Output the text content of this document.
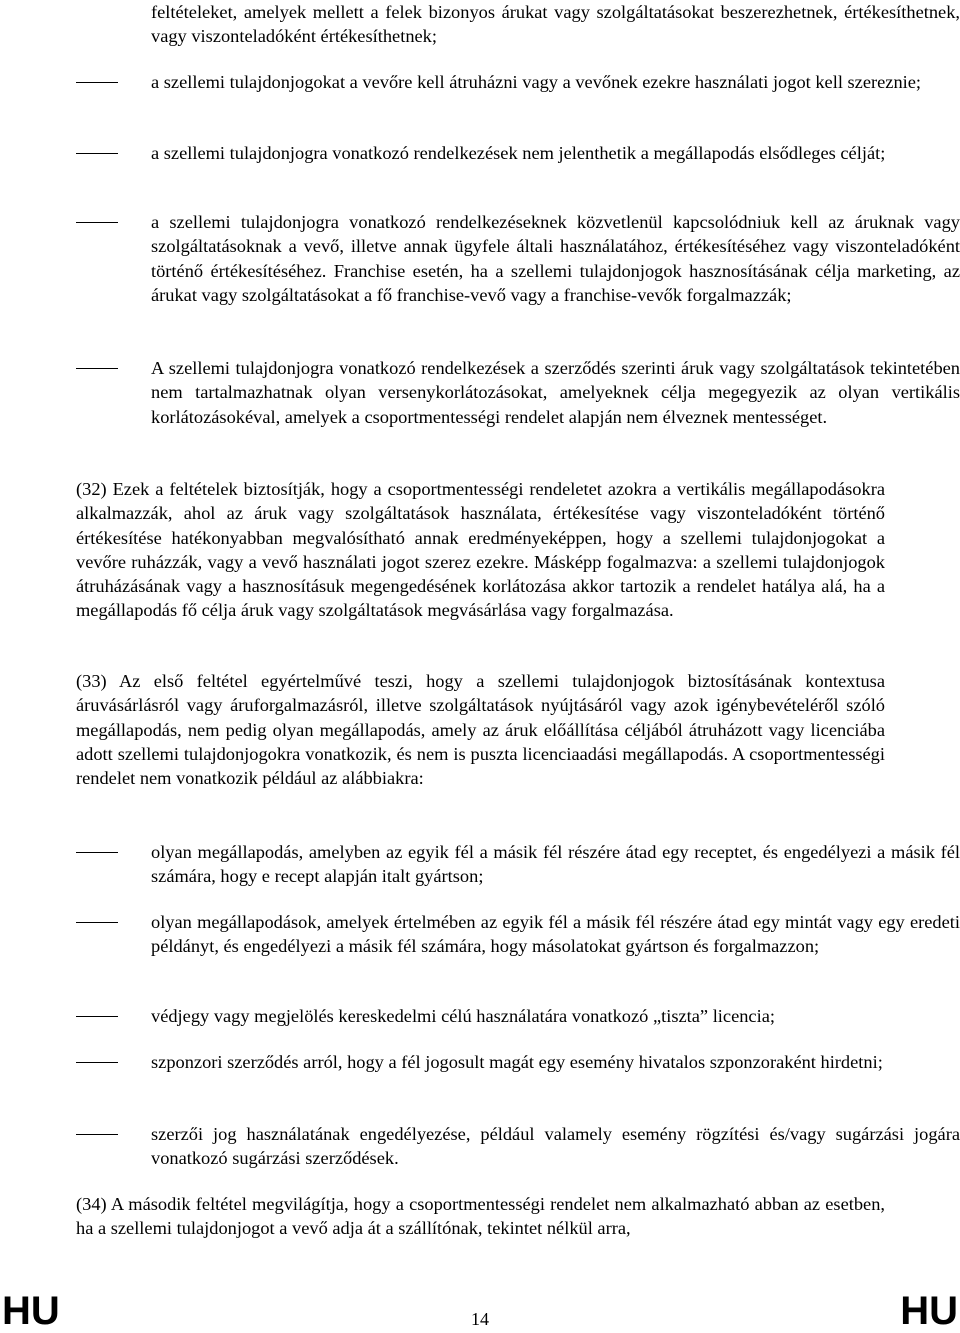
feltételeket, amelyek mellett a felek bizonyos árukat vagy szolgáltatásokat beszerezhetnek, értékesíthetnek, vagy viszonteladóként értékesíthetnek;

a szellemi tulajdonjogokat a vevőre kell átruházni vagy a vevőnek ezekre használati jogot kell szereznie;

a szellemi tulajdonjogra vonatkozó rendelkezések nem jelenthetik a megállapodás elsődleges célját;

a szellemi tulajdonjogra vonatkozó rendelkezéseknek közvetlenül kapcsolódniuk kell az áruknak vagy szolgáltatásoknak a vevő, illetve annak ügyfele általi használatához, értékesítéséhez vagy viszonteladóként történő értékesítéséhez. Franchise esetén, ha a szellemi tulajdonjogok hasznosításának célja marketing, az árukat vagy szolgáltatásokat a fő franchise-vevő vagy a franchise-vevők forgalmazzák;

A szellemi tulajdonjogra vonatkozó rendelkezések a szerződés szerinti áruk vagy szolgáltatások tekintetében nem tartalmazhatnak olyan versenykorlátozásokat, amelyeknek célja megegyezik az olyan vertikális korlátozásokéval, amelyek a csoportmentességi rendelet alapján nem élveznek mentességet.

(32) Ezek a feltételek biztosítják, hogy a csoportmentességi rendeletet azokra a vertikális megállapodásokra alkalmazzák, ahol az áruk vagy szolgáltatások használata, értékesítése vagy viszonteladóként történő értékesítése hatékonyabban megvalósítható annak eredményeképpen, hogy a szellemi tulajdonjogokat a vevőre ruházzák, vagy a vevő használati jogot szerez ezekre. Másképp fogalmazva: a szellemi tulajdonjogok átruházásának vagy a hasznosításuk megengedésének korlátozása akkor tartozik a rendelet hatálya alá, ha a megállapodás fő célja áruk vagy szolgáltatások megvásárlása vagy forgalmazása.

(33) Az első feltétel egyértelművé teszi, hogy a szellemi tulajdonjogok biztosításának kontextusa áruvásárlásról vagy áruforgalmazásról, illetve szolgáltatások nyújtásáról vagy azok igénybevételéről szóló megállapodás, nem pedig olyan megállapodás, amely az áruk előállítása céljából átruházott vagy licenciába adott szellemi tulajdonjogokra vonatkozik, és nem is puszta licenciaadási megállapodás. A csoportmentességi rendelet nem vonatkozik például az alábbiakra:

olyan megállapodás, amelyben az egyik fél a másik fél részére átad egy receptet, és engedélyezi a másik fél számára, hogy e recept alapján italt gyártson;

olyan megállapodások, amelyek értelmében az egyik fél a másik fél részére átad egy mintát vagy egy eredeti példányt, és engedélyezi a másik fél számára, hogy másolatokat gyártson és forgalmazzon;

védjegy vagy megjelölés kereskedelmi célú használatára vonatkozó „tiszta” licencia;

szponzori szerződés arról, hogy a fél jogosult magát egy esemény hivatalos szponzoraként hirdetni;

szerzői jog használatának engedélyezése, például valamely esemény rögzítési és/vagy sugárzási jogára vonatkozó sugárzási szerződések.

(34) A második feltétel megvilágítja, hogy a csoportmentességi rendelet nem alkalmazható abban az esetben, ha a szellemi tulajdonjogot a vevő adja át a szállítónak, tekintet nélkül arra,

HU	14	HU
